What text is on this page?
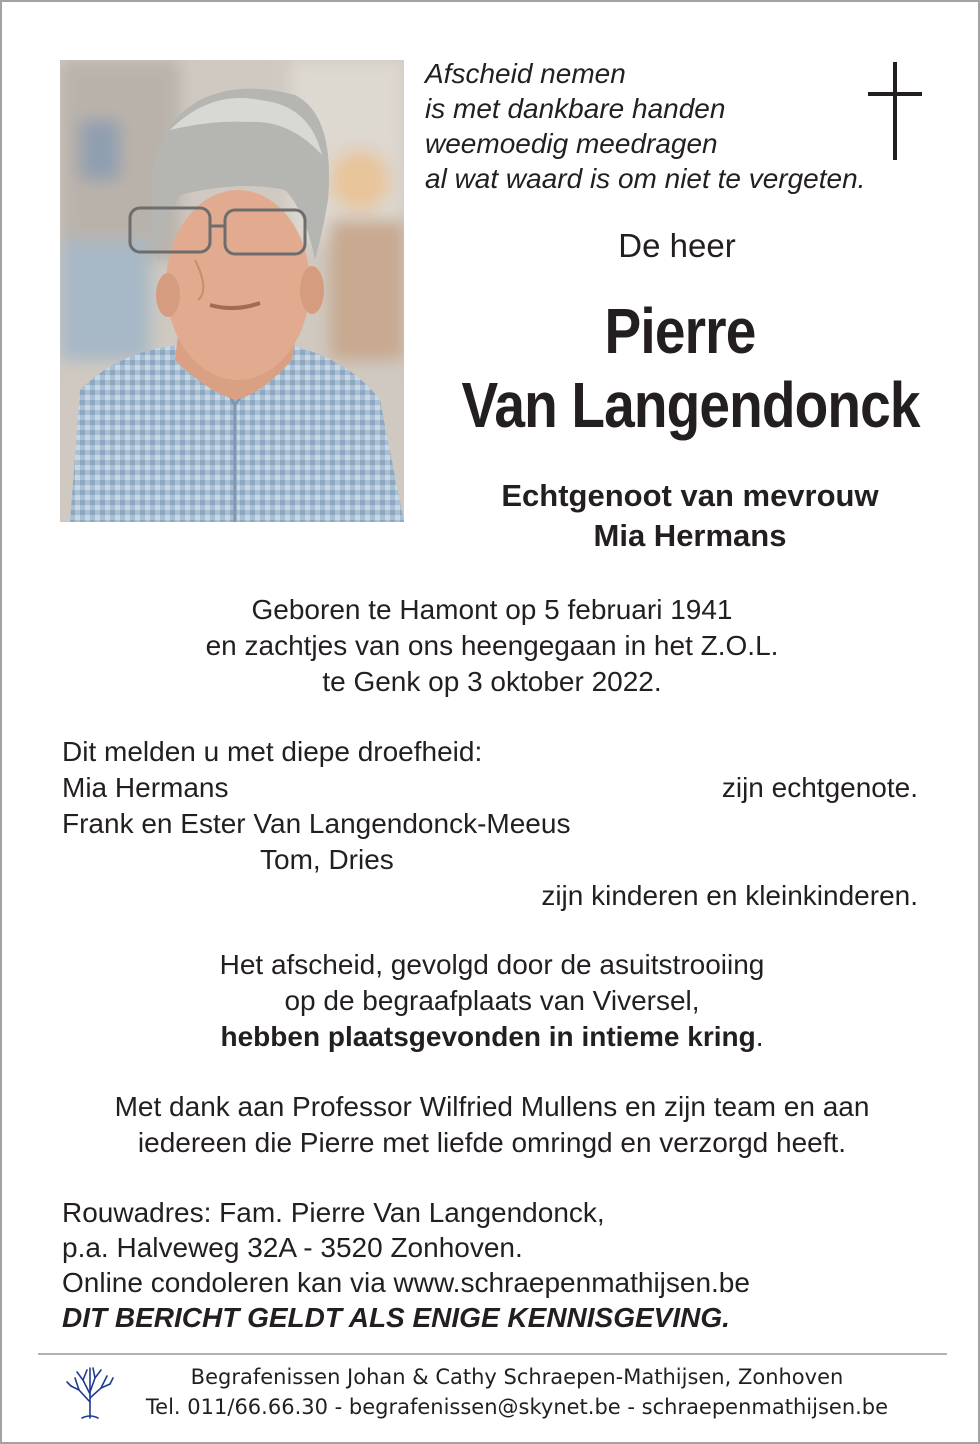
Afscheid nemen
is met dankbare handen
weemoedig meedragen
al wat waard is om niet te vergeten.
De heer
Pierre
Van Langendonck
Echtgenoot van mevrouw
Mia Hermans
Geboren te Hamont op 5 februari 1941
en zachtjes van ons heengegaan in het Z.O.L.
te Genk op 3 oktober 2022.
Dit melden u met diepe droefheid:
Mia Hermans	zijn echtgenote.
Frank en Ester Van Langendonck-Meeus
Tom, Dries
zijn kinderen en kleinkinderen.
Het afscheid, gevolgd door de asuitstrooiing
op de begraafplaats van Viversel,
hebben plaatsgevonden in intieme kring.
Met dank aan Professor Wilfried Mullens en zijn team en aan
iedereen die Pierre met liefde omringd en verzorgd heeft.
Rouwadres: Fam. Pierre Van Langendonck,
p.a. Halveweg 32A - 3520 Zonhoven.
Online condoleren kan via www.schraepenmathijsen.be
DIT BERICHT GELDT ALS ENIGE KENNISGEVING.
Begrafenissen Johan & Cathy Schraepen-Mathijsen, Zonhoven
Tel. 011/66.66.30 - begrafenissen@skynet.be - schraepenmathijsen.be
